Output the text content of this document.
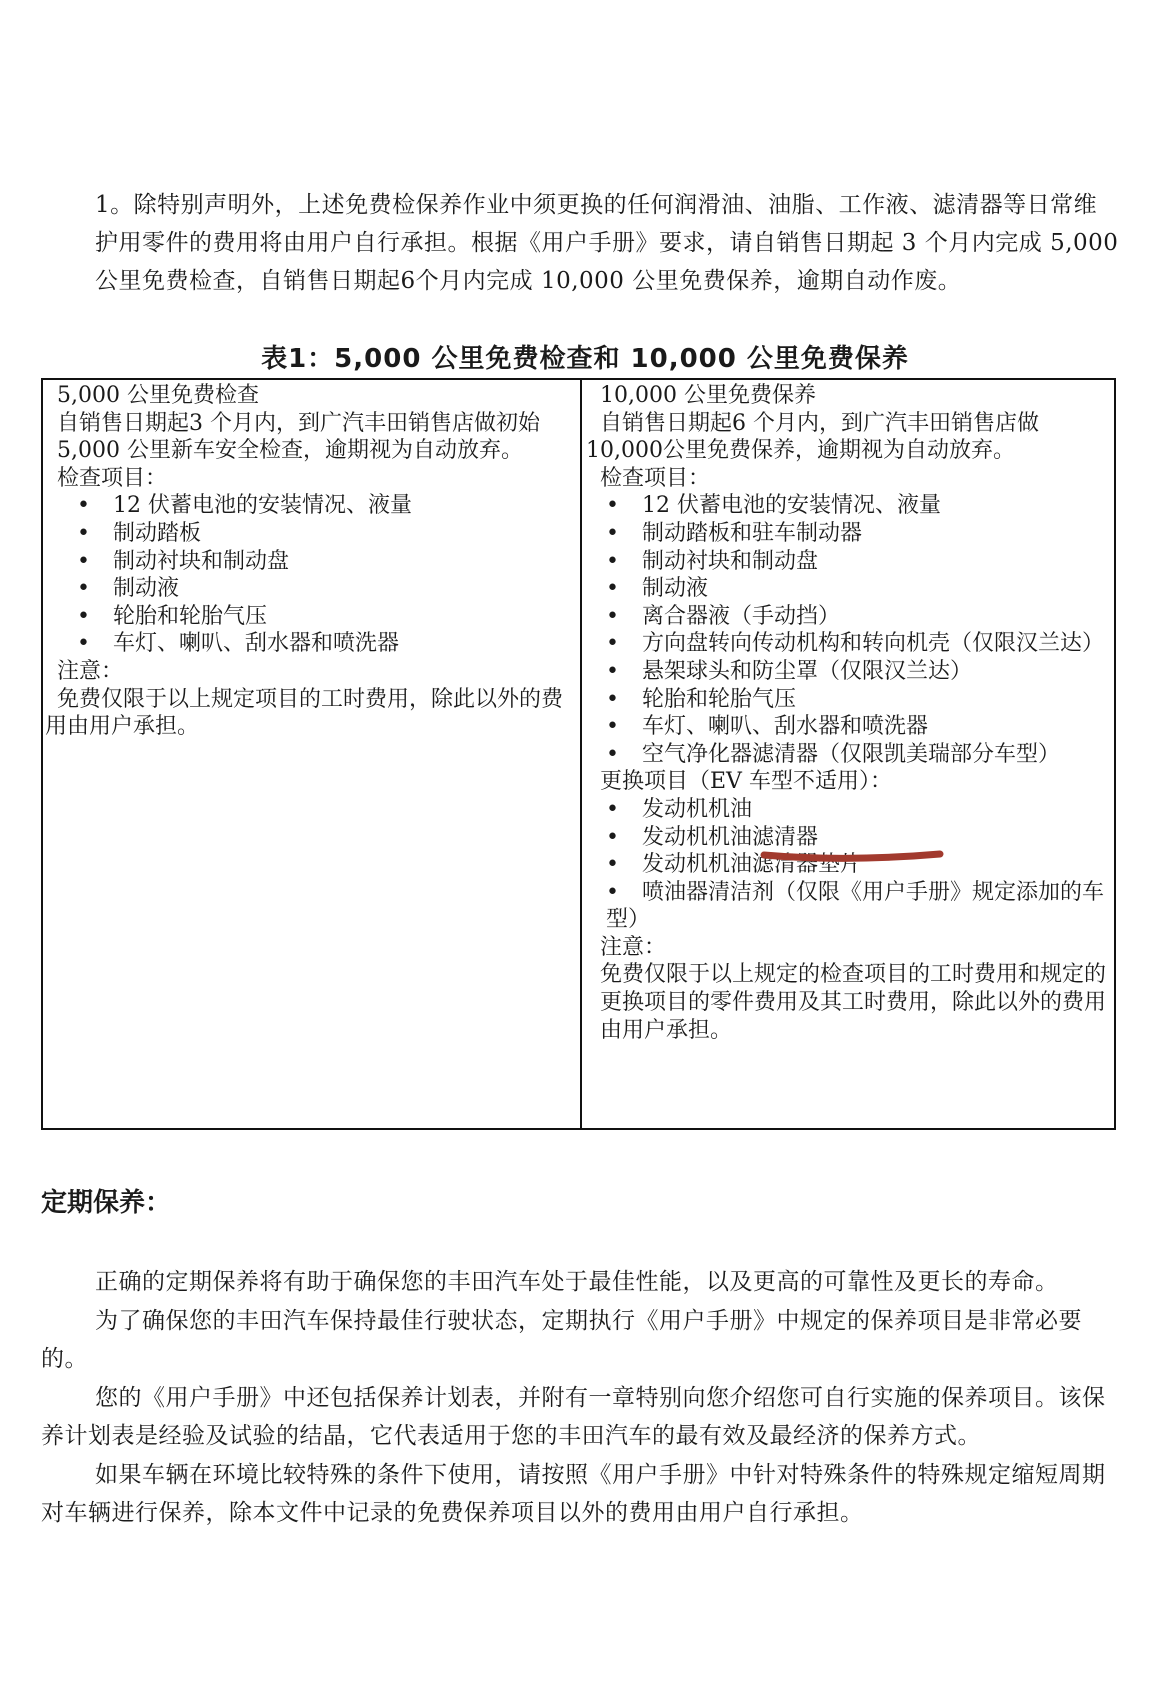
1。除特别声明外，上述免费检保养作业中须更换的任何润滑油、油脂、工作液、滤清器等日常维护用零件的费用将由用户自行承担。根据《用户手册》要求，请自销售日期起 3 个月内完成 5,000 公里免费检查，自销售日期起6个月内完成 10,000 公里免费保养，逾期自动作废。
表1：5,000 公里免费检查和 10,000 公里免费保养
5,000 公里免费检查
自销售日期起3 个月内，到广汽丰田销售店做初始5,000 公里新车安全检查，逾期视为自动放弃。
检查项目：
•	12 伏蓄电池的安装情况、液量
•	制动踏板
•	制动衬块和制动盘
•	制动液
•	轮胎和轮胎气压
•	车灯、喇叭、刮水器和喷洗器
注意：
免费仅限于以上规定项目的工时费用，除此以外的费用由用户承担。
10,000 公里免费保养
自销售日期起6 个月内，到广汽丰田销售店做
10,000公里免费保养，逾期视为自动放弃。
检查项目：
•	12 伏蓄电池的安装情况、液量
•	制动踏板和驻车制动器
•	制动衬块和制动盘
•	制动液
•	离合器液（手动挡）
• 方向盘转向传动机构和转向机壳（仅限汉兰达）
•	悬架球头和防尘罩（仅限汉兰达）
•	轮胎和轮胎气压
•	车灯、喇叭、刮水器和喷洗器
•	空气净化器滤清器（仅限凯美瑞部分车型）
更换项目（EV 车型不适用）：
•	发动机机油
•	发动机机油滤清器
•	发动机机油滤清器垫片
• 喷油器清洁剂（仅限《用户手册》规定添加的车型）
注意：
免费仅限于以上规定的检查项目的工时费用和规定的
更换项目的零件费用及其工时费用，除此以外的费用
由用户承担。
定期保养：

正确的定期保养将有助于确保您的丰田汽车处于最佳性能，以及更高的可靠性及更长的寿命。

为了确保您的丰田汽车保持最佳行驶状态，定期执行《用户手册》中规定的保养项目是非常必要的。

您的《用户手册》中还包括保养计划表，并附有一章特别向您介绍您可自行实施的保养项目。该保养计划表是经验及试验的结晶，它代表适用于您的丰田汽车的最有效及最经济的保养方式。

如果车辆在环境比较特殊的条件下使用，请按照《用户手册》中针对特殊条件的特殊规定缩短周期对车辆进行保养，除本文件中记录的免费保养项目以外的费用由用户自行承担。
